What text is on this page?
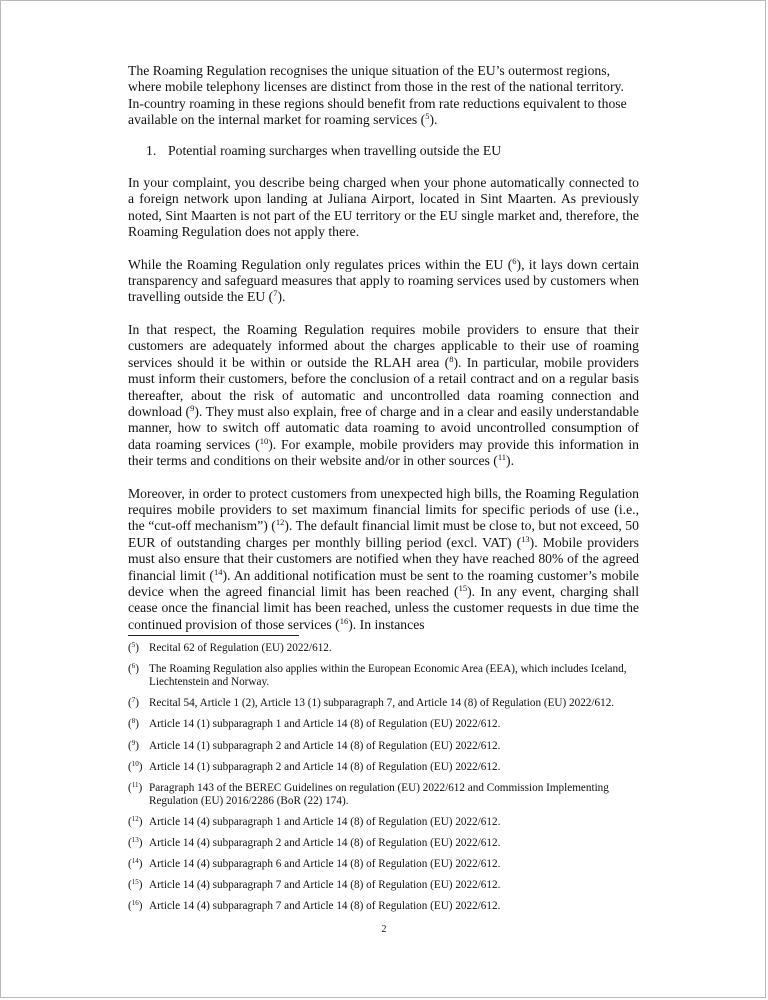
The Roaming Regulation recognises the unique situation of the EU’s outermost regions, where mobile telephony licenses are distinct from those in the rest of the national territory. In-country roaming in these regions should benefit from rate reductions equivalent to those available on the internal market for roaming services ($^5$).

1. Potential roaming surcharges when travelling outside the EU

In your complaint, you describe being charged when your phone automatically connected to a foreign network upon landing at Juliana Airport, located in Sint Maarten. As previously noted, Sint Maarten is not part of the EU territory or the EU single market and, therefore, the Roaming Regulation does not apply there.

While the Roaming Regulation only regulates prices within the EU ($^6$), it lays down certain transparency and safeguard measures that apply to roaming services used by customers when travelling outside the EU ($^7$).

In that respect, the Roaming Regulation requires mobile providers to ensure that their customers are adequately informed about the charges applicable to their use of roaming services should it be within or outside the RLAH area ($^8$). In particular, mobile providers must inform their customers, before the conclusion of a retail contract and on a regular basis thereafter, about the risk of automatic and uncontrolled data roaming connection and download ($^9$). They must also explain, free of charge and in a clear and easily understandable manner, how to switch off automatic data roaming to avoid uncontrolled consumption of data roaming services ($^{10}$). For example, mobile providers may provide this information in their terms and conditions on their website and/or in other sources ($^{11}$).

Moreover, in order to protect customers from unexpected high bills, the Roaming Regulation requires mobile providers to set maximum financial limits for specific periods of use (i.e., the “cut-off mechanism”) ($^{12}$). The default financial limit must be close to, but not exceed, 50 EUR of outstanding charges per monthly billing period (excl. VAT) ($^{13}$). Mobile providers must also ensure that their customers are notified when they have reached 80% of the agreed financial limit ($^{14}$). An additional notification must be sent to the roaming customer’s mobile device when the agreed financial limit has been reached ($^{15}$). In any event, charging shall cease once the financial limit has been reached, unless the customer requests in due time the continued provision of those services ($^{16}$). In instances

($^5$) Recital 62 of Regulation (EU) 2022/612.
($^6$) The Roaming Regulation also applies within the European Economic Area (EEA), which includes Iceland, Liechtenstein and Norway.
($^7$) Recital 54, Article 1 (2), Article 13 (1) subparagraph 7, and Article 14 (8) of Regulation (EU) 2022/612.
($^8$) Article 14 (1) subparagraph 1 and Article 14 (8) of Regulation (EU) 2022/612.
($^9$) Article 14 (1) subparagraph 2 and Article 14 (8) of Regulation (EU) 2022/612.
($^{10}$) Article 14 (1) subparagraph 2 and Article 14 (8) of Regulation (EU) 2022/612.
($^{11}$) Paragraph 143 of the BEREC Guidelines on regulation (EU) 2022/612 and Commission Implementing Regulation (EU) 2016/2286 (BoR (22) 174).
($^{12}$) Article 14 (4) subparagraph 1 and Article 14 (8) of Regulation (EU) 2022/612.
($^{13}$) Article 14 (4) subparagraph 2 and Article 14 (8) of Regulation (EU) 2022/612.
($^{14}$) Article 14 (4) subparagraph 6 and Article 14 (8) of Regulation (EU) 2022/612.
($^{15}$) Article 14 (4) subparagraph 7 and Article 14 (8) of Regulation (EU) 2022/612.
($^{16}$) Article 14 (4) subparagraph 7 and Article 14 (8) of Regulation (EU) 2022/612.
2
